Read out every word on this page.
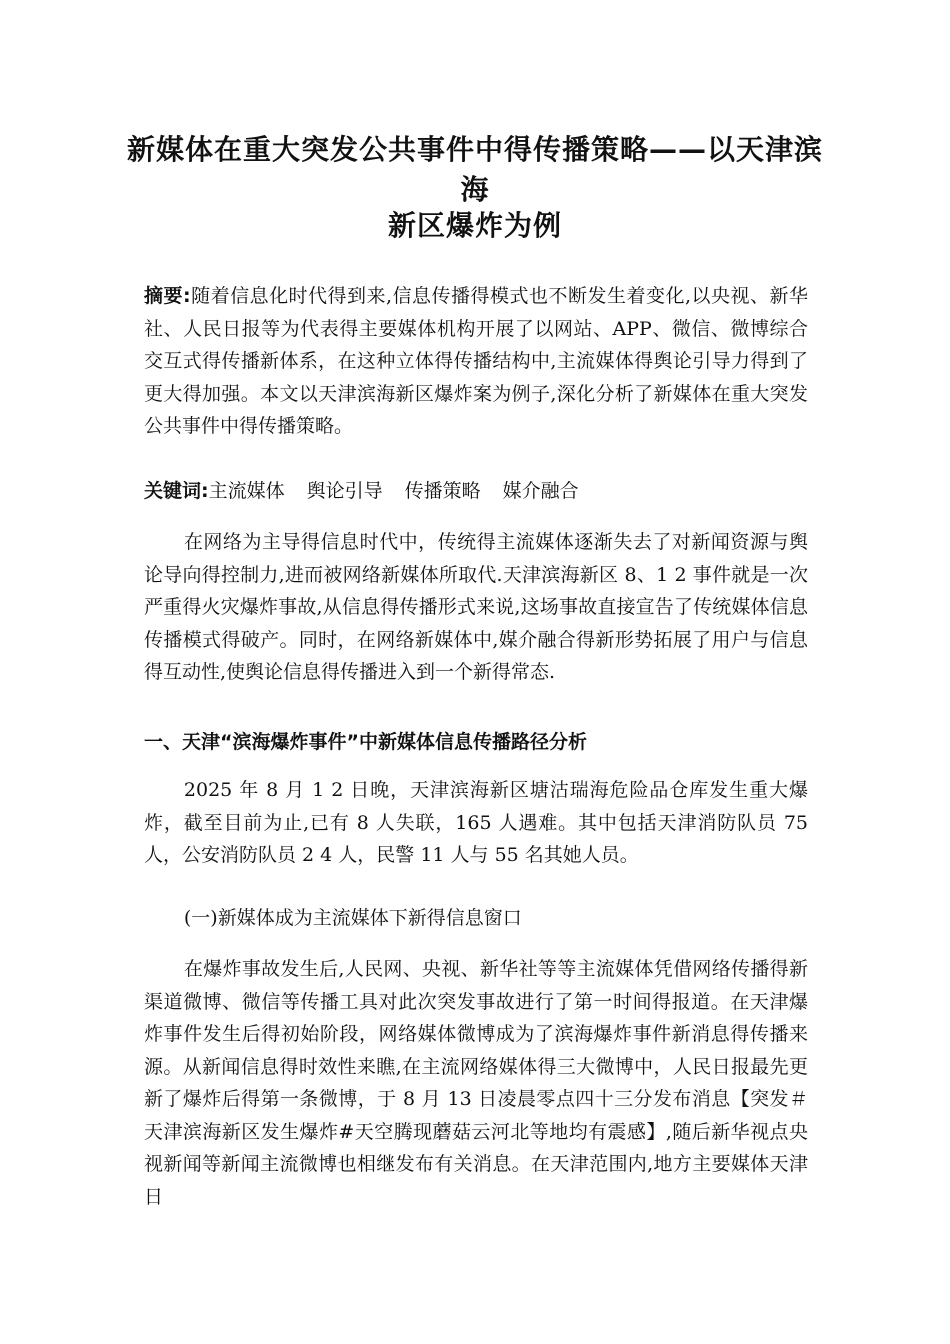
新媒体在重大突发公共事件中得传播策略——以天津滨海
新区爆炸为例
摘要:随着信息化时代得到来,信息传播得模式也不断发生着变化,以央视、新华社、人民日报等为代表得主要媒体机构开展了以网站、APP、微信、微博综合交互式得传播新体系，在这种立体得传播结构中,主流媒体得舆论引导力得到了更大得加强。本文以天津滨海新区爆炸案为例子,深化分析了新媒体在重大突发公共事件中得传播策略。
关键词:主流媒体 舆论引导 传播策略 媒介融合
在网络为主导得信息时代中，传统得主流媒体逐渐失去了对新闻资源与舆论导向得控制力,进而被网络新媒体所取代.天津滨海新区 8、1 2 事件就是一次严重得火灾爆炸事故,从信息得传播形式来说,这场事故直接宣告了传统媒体信息传播模式得破产。同时，在网络新媒体中,媒介融合得新形势拓展了用户与信息得互动性,使舆论信息得传播进入到一个新得常态.
一、天津“滨海爆炸事件”中新媒体信息传播路径分析
2025 年 8 月 1 2 日晚，天津滨海新区塘沽瑞海危险品仓库发生重大爆炸，截至目前为止,已有 8 人失联，165 人遇难。其中包括天津消防队员 75 人，公安消防队员 2 4 人，民警 11 人与 55 名其她人员。
(一)新媒体成为主流媒体下新得信息窗口
在爆炸事故发生后,人民网、央视、新华社等等主流媒体凭借网络传播得新渠道微博、微信等传播工具对此次突发事故进行了第一时间得报道。在天津爆炸事件发生后得初始阶段，网络媒体微博成为了滨海爆炸事件新消息得传播来源。从新闻信息得时效性来瞧,在主流网络媒体得三大微博中，人民日报最先更新了爆炸后得第一条微博，于 8 月 13 日凌晨零点四十三分发布消息【突发＃天津滨海新区发生爆炸#天空腾现蘑菇云河北等地均有震感】,随后新华视点央视新闻等新闻主流微博也相继发布有关消息。在天津范围内,地方主要媒体天津日
